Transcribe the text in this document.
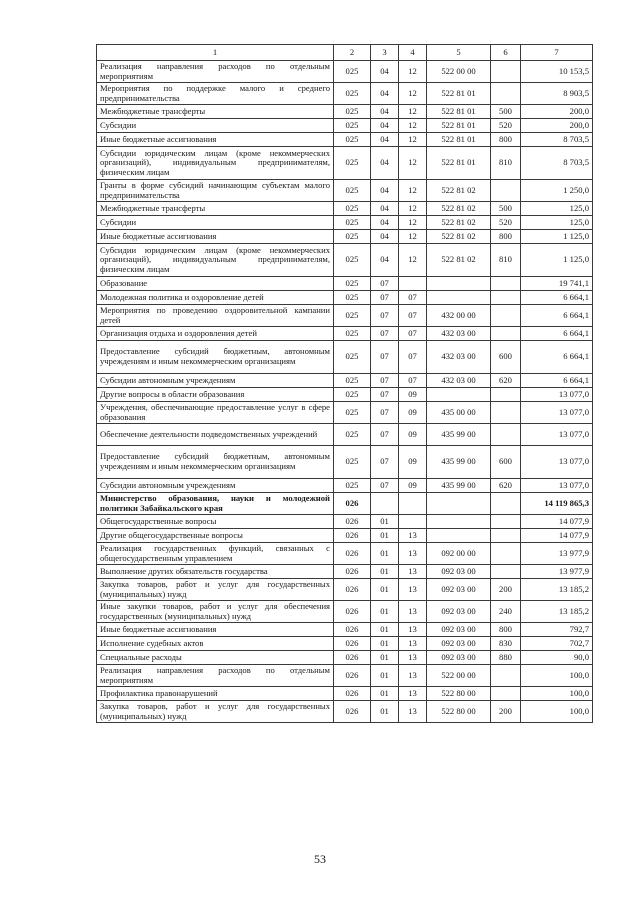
1	2	3	4	5	6	7
Реализация направления расходов по отдельным мероприятиям	025	04	12	522 00 00		10 153,5
Мероприятия по поддержке малого и среднего предпринимательства	025	04	12	522 81 01		8 903,5
Межбюджетные трансферты	025	04	12	522 81 01	500	200,0
Субсидии	025	04	12	522 81 01	520	200,0
Иные бюджетные ассигнования	025	04	12	522 81 01	800	8 703,5
Субсидии юридическим лицам (кроме некоммерческих организаций), индивидуальным предпринимателям, физическим лицам	025	04	12	522 81 01	810	8 703,5
Гранты в форме субсидий начинающим субъектам малого предпринимательства	025	04	12	522 81 02		1 250,0
Межбюджетные трансферты	025	04	12	522 81 02	500	125,0
Субсидии	025	04	12	522 81 02	520	125,0
Иные бюджетные ассигнования	025	04	12	522 81 02	800	1 125,0
Субсидии юридическим лицам (кроме некоммерческих организаций), индивидуальным предпринимателям, физическим лицам	025	04	12	522 81 02	810	1 125,0
Образование	025	07				19 741,1
Молодежная политика и оздоровление детей	025	07	07			6 664,1
Мероприятия по проведению оздоровительной кампании детей	025	07	07	432 00 00		6 664,1
Организация отдыха и оздоровления детей	025	07	07	432 03 00		6 664,1
Предоставление субсидий бюджетным, автономным учреждениям и иным некоммерческим организациям	025	07	07	432 03 00	600	6 664,1
Субсидии автономным учреждениям	025	07	07	432 03 00	620	6 664,1
Другие вопросы в области образования	025	07	09			13 077,0
Учреждения, обеспечивающие предоставление услуг в сфере образования	025	07	09	435 00 00		13 077,0
Обеспечение деятельности подведомственных учреждений	025	07	09	435 99 00		13 077,0
Предоставление субсидий бюджетным, автономным учреждениям и иным некоммерческим организациям	025	07	09	435 99 00	600	13 077,0
Субсидии автономным учреждениям	025	07	09	435 99 00	620	13 077,0
Министерство образования, науки и молодежной политики Забайкальского края	026					14 119 865,3
Общегосударственные вопросы	026	01				14 077,9
Другие общегосударственные вопросы	026	01	13			14 077,9
Реализация государственных функций, связанных с общегосударственным управлением	026	01	13	092 00 00		13 977,9
Выполнение других обязательств государства	026	01	13	092 03 00		13 977,9
Закупка товаров, работ и услуг для государственных (муниципальных) нужд	026	01	13	092 03 00	200	13 185,2
Иные закупки товаров, работ и услуг для обеспечения государственных (муниципальных) нужд	026	01	13	092 03 00	240	13 185,2
Иные бюджетные ассигнования	026	01	13	092 03 00	800	792,7
Исполнение судебных актов	026	01	13	092 03 00	830	702,7
Специальные расходы	026	01	13	092 03 00	880	90,0
Реализация направления расходов по отдельным мероприятиям	026	01	13	522 00 00		100,0
Профилактика правонарушений	026	01	13	522 80 00		100,0
Закупка товаров, работ и услуг для государственных (муниципальных) нужд	026	01	13	522 80 00	200	100,0
53
